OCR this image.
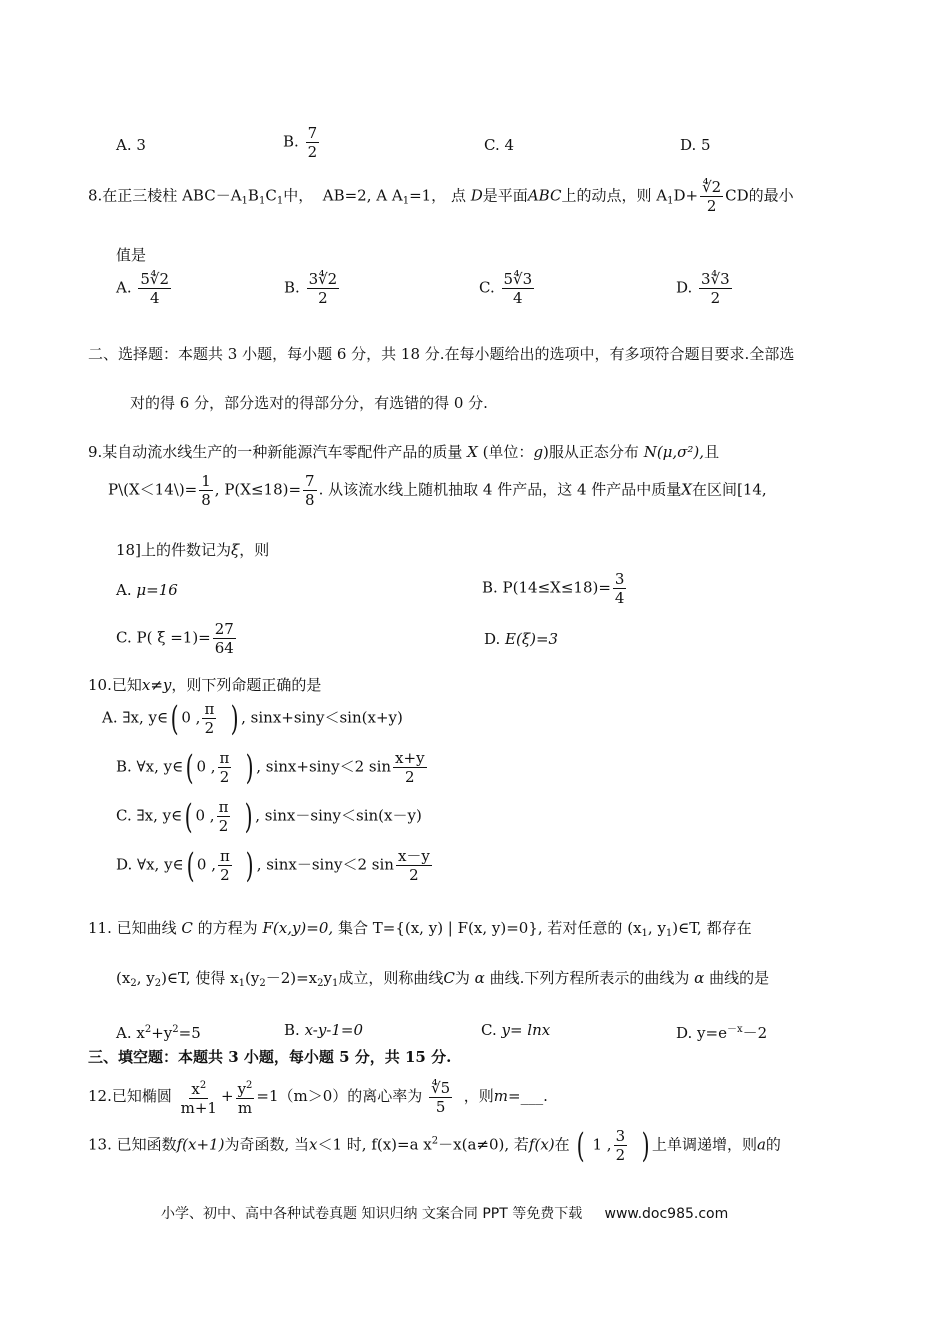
A. 3	B. $\frac{7}{2}$	C. 4	D. 5
8.在正三棱柱 $ABC-A_1B_1C_1$中， AB=2, A $A_1=1$， 点 D是平面ABC上的动点，则 $A_1D+ \frac{∜2}{2}$ CD的最小
值是
A. $\frac{5∜2}{4}$	B. $\frac{3∜2}{2}$	C. $\frac{5∜3}{4}$	D. $\frac{3∜3}{2}$
二、选择题：本题共 3 小题，每小题 6 分，共 18 分.在每小题给出的选项中，有多项符合题目要求.全部选
对的得 6 分，部分选对的得部分分，有选错的得 0 分.
9.某自动流水线生产的一种新能源汽车零配件产品的质量 X (单位：g)服从正态分布 N(μ,σ²),且
P\(X＜14\)= $\frac{1}{8}$ , $P(X\le 18)= \frac{7}{8}$ . 从该流水线上随机抽取 4 件产品，这 4 件产品中质量X在区间[14,
18]上的件数记为ξ，则
A. μ=16	B. $P(14\le X\le 18)= \frac{3}{4}$
C. P( $\xi =1)= \frac{27}{64}$	D. E(ξ)=3
10.已知x≠y，则下列命题正确的是
A. ∃x, y∈( 0 , $\frac{\pi}{2}$ ) , sinx+siny＜sin(x+y)
B. ∀x, y∈( 0 , $\frac{\pi}{2}$ ) , sinx+siny＜2 $\sin \frac{x+y}{2}$
C. ∃x, y∈( 0 , $\frac{\pi}{2}$ ) , sinx－siny＜sin(x－y)
D. ∀x, y∈( 0 , $\frac{\pi}{2}$ ) , sinx－siny＜2 $\sin \frac{x-y}{2}$
11. 已知曲线 C 的方程为 F(x,y)=0, 集合 T={(x, y) | F(x, y)=0}, 若对任意的 ($x_1$, $y_1)\in T$, 都存在
($x_2$, $y_2)\in T$, 使得 $x_1(y_2-2)=x_2y_1$成立，则称曲线C为 α 曲线.下列方程所表示的曲线为 α 曲线的是
A. $x^2+y^2=5$	B. x-y-1=0	C. y= lnx	D. $y=e^{-x}-2$
三、填空题：本题共 3 小题，每小题 5 分，共 15 分.
12.已知椭圆 $\frac{x^2}{m+1} + \frac{y^2}{m} =1(m>0)$的离心率为 $\frac{∜5}{5}$ ，则m=___.
13. 已知函数f(x+1)为奇函数, 当x＜1 时, f(x)=a $x^2-x(a\ne 0)$, 若f(x)在 ( 1 , $\frac{3}{2}$ ) 上单调递增，则a的
小学、初中、高中各种试卷真题 知识归纳 文案合同 PPT 等免费下载 www.doc985.com
